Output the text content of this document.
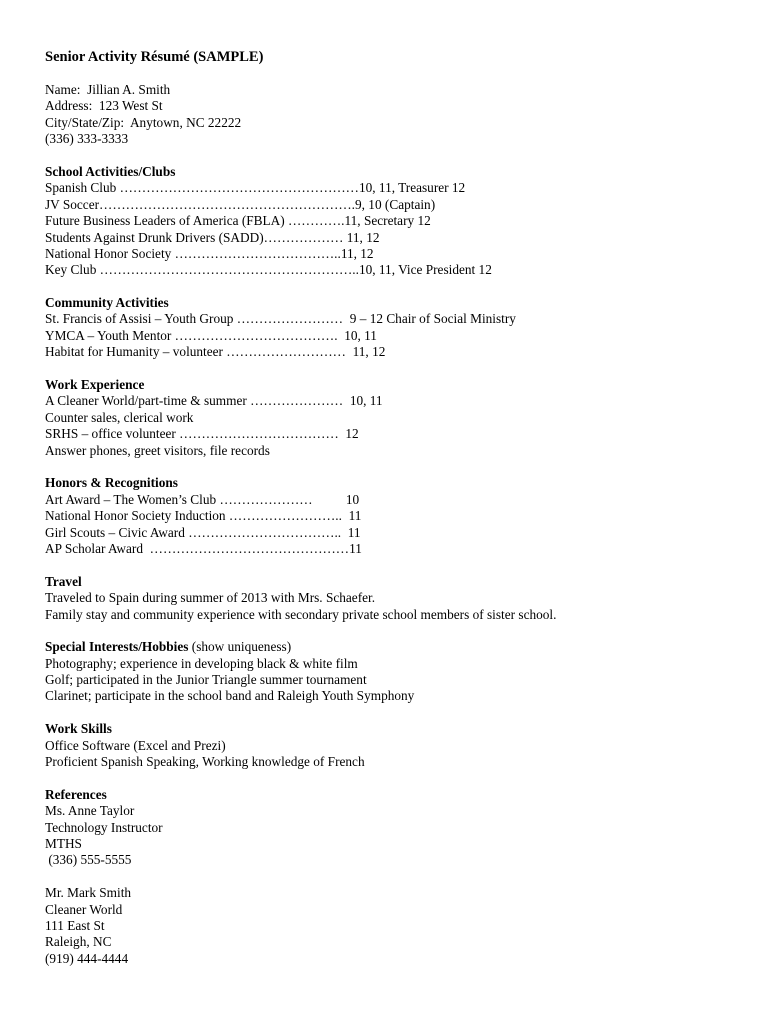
Senior Activity Résumé (SAMPLE)
Name:  Jillian A. Smith
Address:  123 West St
City/State/Zip:  Anytown, NC 22222
(336) 333-3333
School Activities/Clubs
Spanish Club ………………………………………………10, 11, Treasurer 12
JV Soccer………………………………………………….9, 10 (Captain)
Future Business Leaders of America (FBLA) ………….11, Secretary 12
Students Against Drunk Drivers (SADD)……………… 11, 12
National Honor Society ………………………………..11, 12
Key Club …………………………………………………..10, 11, Vice President 12
Community Activities
St. Francis of Assisi – Youth Group ……………………  9 – 12 Chair of Social Ministry
YMCA – Youth Mentor ……………………………….  10, 11
Habitat for Humanity – volunteer ………………………  11, 12
Work Experience
A Cleaner World/part-time & summer …………………  10, 11
Counter sales, clerical work
SRHS – office volunteer ………………………………  12
Answer phones, greet visitors, file records
Honors & Recognitions
Art Award – The Women’s Club …………………          10
National Honor Society Induction ……………………..  11
Girl Scouts – Civic Award ……………………………..  11
AP Scholar Award  ………………………………………11
Travel
Traveled to Spain during summer of 2013 with Mrs. Schaefer.
Family stay and community experience with secondary private school members of sister school.
Special Interests/Hobbies (show uniqueness)
Photography; experience in developing black & white film
Golf; participated in the Junior Triangle summer tournament
Clarinet; participate in the school band and Raleigh Youth Symphony
Work Skills
Office Software (Excel and Prezi)
Proficient Spanish Speaking, Working knowledge of French
References
Ms. Anne Taylor
Technology Instructor
MTHS
(336) 555-5555
Mr. Mark Smith
Cleaner World
111 East St
Raleigh, NC
(919) 444-4444
